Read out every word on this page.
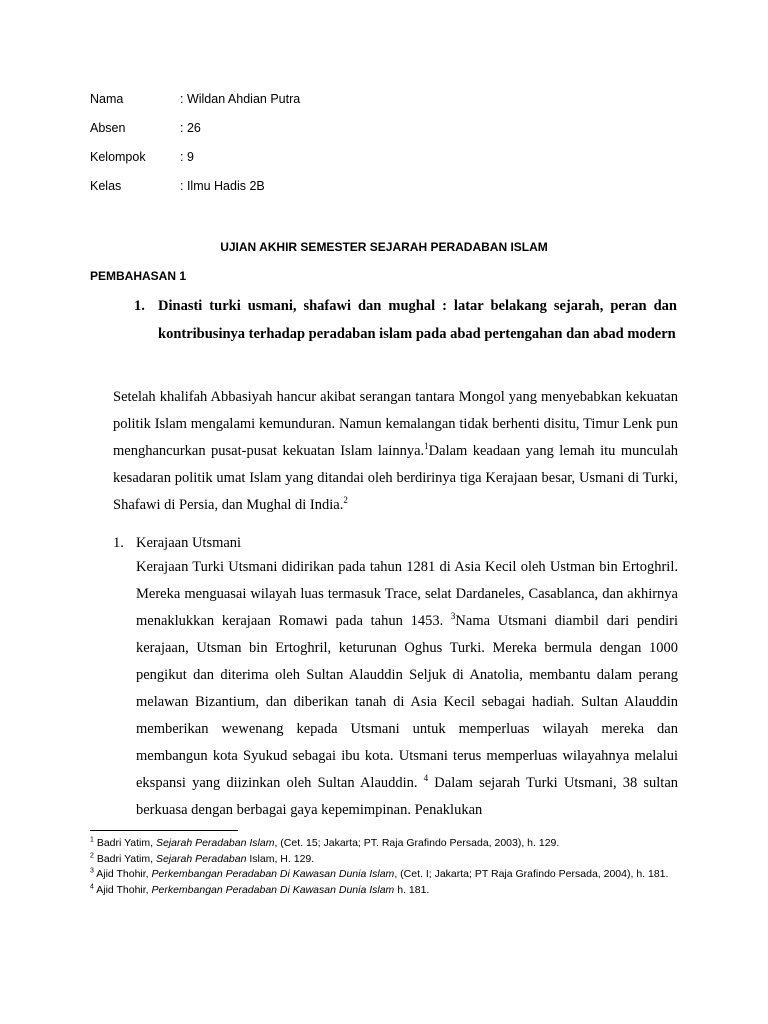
Nama	: Wildan Ahdian Putra
Absen	: 26
Kelompok	: 9
Kelas	: Ilmu Hadis 2B
UJIAN AKHIR SEMESTER SEJARAH PERADABAN ISLAM
PEMBAHASAN 1
1. Dinasti turki usmani, shafawi dan mughal : latar belakang sejarah, peran dan kontribusinya terhadap peradaban islam pada abad pertengahan dan abad modern

Setelah khalifah Abbasiyah hancur akibat serangan tantara Mongol yang menyebabkan kekuatan politik Islam mengalami kemunduran. Namun kemalangan tidak berhenti disitu, Timur Lenk pun menghancurkan pusat-pusat kekuatan Islam lainnya.$^1$Dalam keadaan yang lemah itu munculah kesadaran politik umat Islam yang ditandai oleh berdirinya tiga Kerajaan besar, Usmani di Turki, Shafawi di Persia, dan Mughal di India.$^2$

1. Kerajaan Utsmani

Kerajaan Turki Utsmani didirikan pada tahun 1281 di Asia Kecil oleh Ustman bin Ertoghril. Mereka menguasai wilayah luas termasuk Trace, selat Dardaneles, Casablanca, dan akhirnya menaklukkan kerajaan Romawi pada tahun 1453. $^3$Nama Utsmani diambil dari pendiri kerajaan, Utsman bin Ertoghril, keturunan Oghus Turki. Mereka bermula dengan 1000 pengikut dan diterima oleh Sultan Alauddin Seljuk di Anatolia, membantu dalam perang melawan Bizantium, dan diberikan tanah di Asia Kecil sebagai hadiah. Sultan Alauddin memberikan wewenang kepada Utsmani untuk memperluas wilayah mereka dan membangun kota Syukud sebagai ibu kota. Utsmani terus memperluas wilayahnya melalui ekspansi yang diizinkan oleh Sultan Alauddin. $^4$ Dalam sejarah Turki Utsmani, 38 sultan berkuasa dengan berbagai gaya kepemimpinan. Penaklukan

$^1$ Badri Yatim, Sejarah Peradaban Islam, (Cet. 15; Jakarta; PT. Raja Grafindo Persada, 2003), h. 129.

$^2$ Badri Yatim, Sejarah Peradaban Islam, H. 129.

$^3$ Ajid Thohir, Perkembangan Peradaban Di Kawasan Dunia Islam, (Cet. I; Jakarta; PT Raja Grafindo Persada, 2004), h. 181.

$^4$ Ajid Thohir, Perkembangan Peradaban Di Kawasan Dunia Islam h. 181.
